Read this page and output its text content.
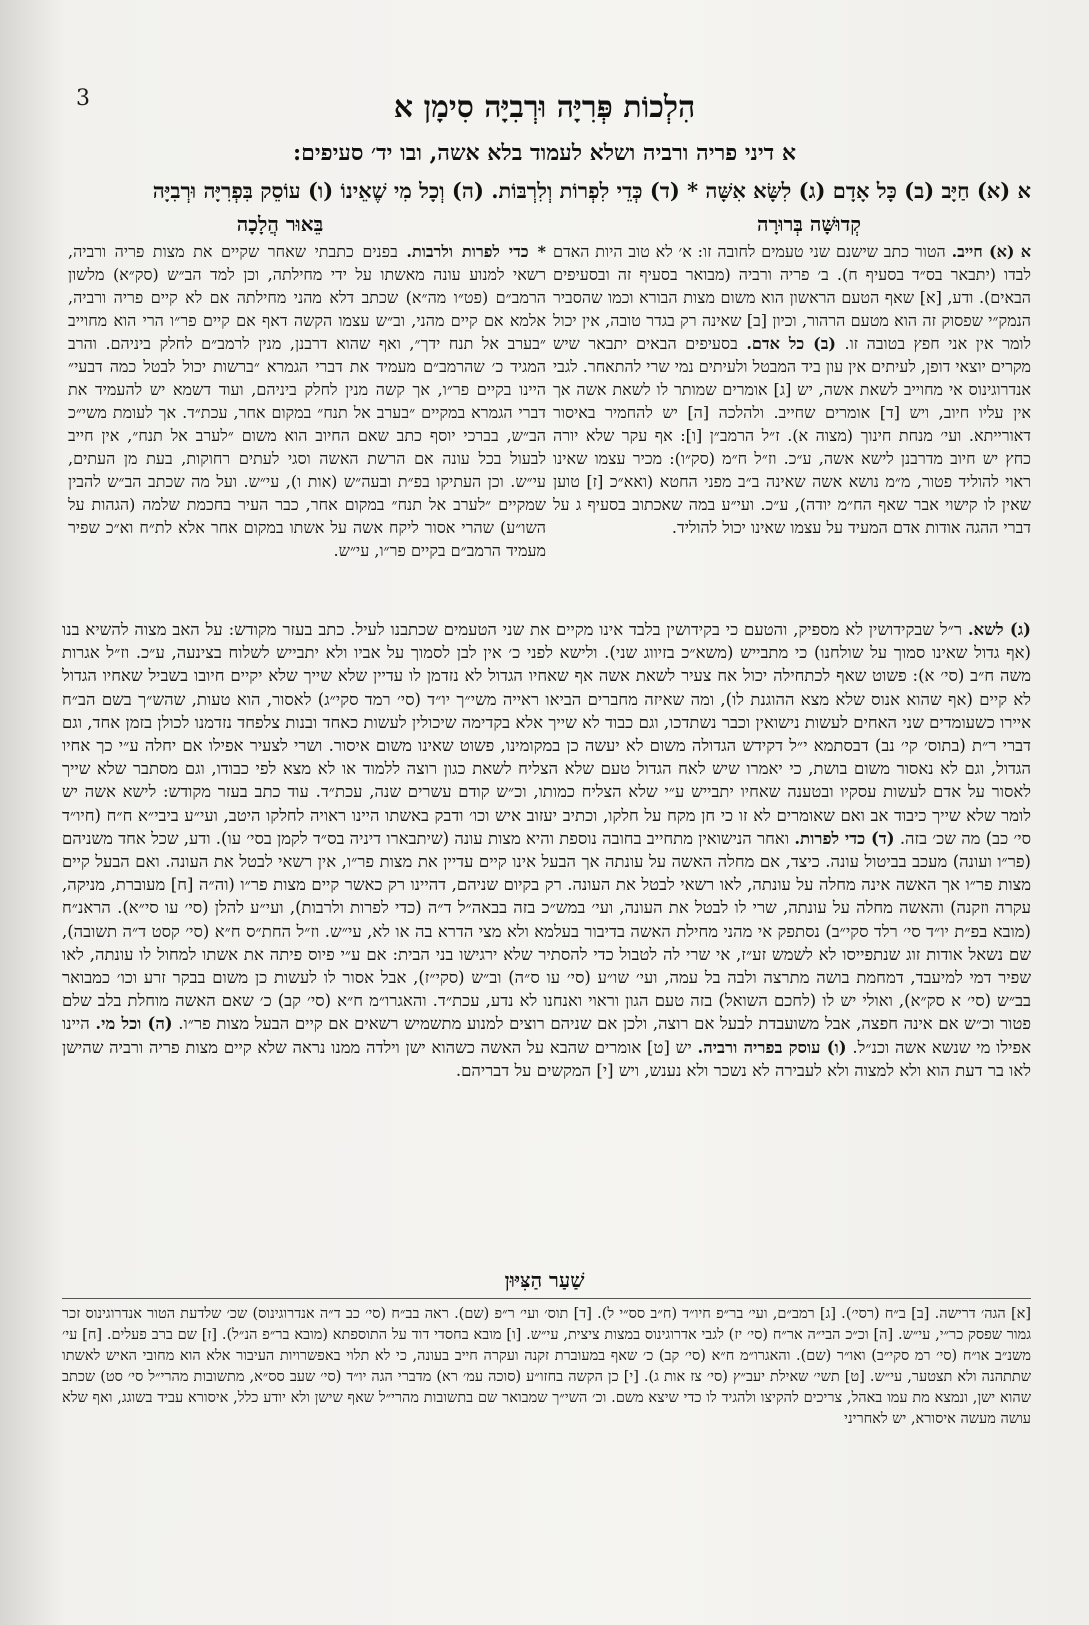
3	הִלְכוֹת פְּרִיָּה וּרְבִיָּה סִימָן א
א דיני פריה ורביה ושלא לעמוד בלא אשה, ובו יד׳ סעיפים:
א (א) חַיָּב (ב) כָּל אָדָם (ג) לִשָּׂא אִשָּׁה * (ד) כְּדֵי לִפְרוֹת וְלִרְבּוֹת. (ה) וְכָל מִי שֶׁאֵינוֹ (ו) עוֹסֵק בִּפְרִיָּה וּרְבִיָּה
קְדוּשָּׁה בְּרוּרָה
בֵּאוּר הֲלָכָה

א (א) חייב. הטור כתב שישנם שני טעמים לחובה זו: א׳ לא טוב היות האדם לבדו (יתבאר בס״ד בסעיף ח). ב׳ פריה ורביה (מבואר בסעיף זה ובסעיפים הבאים). ודע, [א] שאף הטעם הראשון הוא משום מצות הבורא וכמו שהסביר הנמק״י שפסוק זה הוא מטעם הרהור, וכיון [ב] שאינה רק בגדר טובה, אין יכול לומר אין אני חפץ בטובה זו. (ב) כל אדם. בסעיפים הבאים יתבאר שיש מקרים יוצאי דופן, לעיתים אין עון ביד המבטל ולעיתים נמי שרי להתאחר. לגבי אנדרוגינוס אי מחוייב לשאת אשה, יש [ג] אומרים שמותר לו לשאת אשה אך אין עליו חיוב, ויש [ד] אומרים שחייב. ולהלכה [ה] יש להחמיר באיסור דאורייתא. ועי׳ מנחת חינוך (מצוה א). ז״ל הרמב״ן [ו]: אף עקר שלא יורה כחץ יש חיוב מדרבנן לישא אשה, ע״כ. וז״ל ח״מ (סק״ו): מכיר עצמו שאינו ראוי להוליד פטור, מ״מ נושא אשה שאינה ב״ב מפני החטא (ואא״כ [ז] טוען שאין לו קישוי אבר שאף הח״מ יודה), ע״כ. ועי״ע במה שאכתוב בסעיף ג על דברי ההגה אודות אדם המעיד על עצמו שאינו יכול להוליד.

* כדי לפרות ולרבות. בפנים כתבתי שאחר שקיים את מצות פריה ורביה, רשאי למנוע עונה מאשתו על ידי מחילתה, וכן למד הב״ש (סק״א) מלשון הרמב״ם (פט״ו מה״א) שכתב דלא מהני מחילתה אם לא קיים פריה ורביה, אלמא אם קיים מהני, וב״ש עצמו הקשה דאף אם קיים פר״ו הרי הוא מחוייב ״בערב אל תנח ידך״, ואף שהוא דרבנן, מנין לרמב״ם לחלק ביניהם. והרב המגיד כ׳ שהרמב״ם מעמיד את דברי הגמרא ״ברשות יכול לבטל כמה דבעי״ היינו בקיים פר״ו, אך קשה מנין לחלק ביניהם, ועוד דשמא יש להעמיד את דברי הגמרא במקיים ״בערב אל תנח״ במקום אחר, עכת״ד. אך לעומת משי״כ הב״ש, בברכי יוסף כתב שאם החיוב הוא משום ״לערב אל תנח״, אין חייב לבעול בכל עונה אם הרשת האשה וסגי לעתים רחוקות, בעת מן העתים, עי״ש. וכן העתיקו בפ״ת ובעה״ש (אות ו), עי״ש. ועל מה שכתב הב״ש להבין שמקיים ״לערב אל תנח״ במקום אחר, כבר העיר בחכמת שלמה (הגהות על השו״ע) שהרי אסור ליקח אשה על אשתו במקום אחר אלא לת״ח וא״כ שפיר מעמיד הרמב״ם בקיים פר״ו, עי״ש.

(ג) לשא. ר״ל שבקידושין לא מספיק, והטעם כי בקידושין בלבד אינו מקיים את שני הטעמים שכתבנו לעיל. כתב בעזר מקודש: על האב מצוה להשיא בנו (אף גדול שאינו סמוך על שולחנו) כי מתבייש (משא״כ בזיווג שני). ולישא לפני כ׳ אין לבן לסמוך על אביו ולא יתבייש לשלוח בצינעה, ע״כ. וז״ל אגרות משה ח״ב (סי׳ א): פשוט שאף לכתחילה יכול אח צעיר לשאת אשה אף שאחיו הגדול לא נזדמן לו עדיין שלא שייך שלא יקיים חיובו בשביל שאחיו הגדול לא קיים (אף שהוא אנוס שלא מצא ההוגנת לו), ומה שאיזה מחברים הביאו ראייה משי״ך יו״ד (סי׳ רמד סקי״ג) לאסור, הוא טעות, שהש״ך בשם הב״ח איירו כשעומדים שני האחים לעשות נישואין וכבר נשתדכו, וגם כבוד לא שייך אלא בקדימה שיכולין לעשות כאחד ובנות צלפחד נזדמנו לכולן בזמן אחד, וגם דברי ר״ת (בתוס׳ קי׳ נב) דבסתמא י״ל דקידש הגדולה משום לא יעשה כן במקומינו, פשוט שאינו משום איסור. ושרי לצעיר אפילו אם יחלה ע״י כך אחיו הגדול, וגם לא נאסור משום בושת, כי יאמרו שיש לאח הגדול טעם שלא הצליח לשאת כגון רוצה ללמוד או לא מצא לפי כבודו, וגם מסתבר שלא שייך לאסור על אדם לעשות עסקיו ובטענה שאחיו יתבייש ע״י שלא הצליח כמותו, וכ״ש קודם עשרים שנה, עכת״ד. עוד כתב בעזר מקודש: לישא אשה יש לומר שלא שייך כיבוד אב ואם שאומרים לא זו כי חן מקח על חלקו, וכתיב יעזוב איש וכו׳ ודבק באשתו היינו ראויה לחלקו היטב, ועי״ע ביבי״א ח״ח (חיו״ד סי׳ כב) מה שכ׳ בזה. (ד) כדי לפרות. ואחר הנישואין מתחייב בחובה נוספת והיא מצות עונה (שיתבארו דיניה בס״ד לקמן בסי׳ עו). ודע, שכל אחד משניהם (פר״ו ועונה) מעכב בביטול עונה. כיצד, אם מחלה האשה על עונתה אך הבעל אינו קיים עדיין את מצות פר״ו, אין רשאי לבטל את העונה. ואם הבעל קיים מצות פר״ו אך האשה אינה מחלה על עונתה, לאו רשאי לבטל את העונה. רק בקיום שניהם, דהיינו רק כאשר קיים מצות פר״ו (וה״ה [ח] מעוברת, מניקה, עקרה וזקנה) והאשה מחלה על עונתה, שרי לו לבטל את העונה, ועי׳ במש״כ בזה בבאה״ל ד״ה (כדי לפרות ולרבות), ועי״ע להלן (סי׳ עו סי״א). הראנ״ח (מובא בפ״ת יו״ד סי׳ רלד סקי״ב) נסתפק אי מהני מחילת האשה בדיבור בעלמא ולא מצי הדרא בה או לא, עי״ש. וז״ל החת״ס ח״א (סי׳ קסט ד״ה תשובה), שם נשאל אודות זוג שנתפייסו לא לשמש זע״ז, אי שרי לה לטבול כדי להסתיר שלא ירגישו בני הבית: אם ע״י פיוס פיתה את אשתו למחול לו עונתה, לאו שפיר דמי למיעבד, דמחמת בושה מתרצה ולבה בל עמה, ועי׳ שו״ע (סי׳ עו ס״ה) וב״ש (סקי״ז), אבל אסור לו לעשות כן משום בבקר זרע וכו׳ כמבואר בב״ש (סי׳ א סק״א), ואולי יש לו (לחכם השואל) בזה טעם הגון וראוי ואנחנו לא נדע, עכת״ד. והאגרו״מ ח״א (סי׳ קב) כ׳ שאם האשה מוחלת בלב שלם פטור וכ״ש אם אינה חפצה, אבל משועבדת לבעל אם רוצה, ולכן אם שניהם רוצים למנוע מתשמיש רשאים אם קיים הבעל מצות פר״ו. (ה) וכל מי. היינו אפילו מי שנשא אשה וכנ״ל. (ו) עוסק בפריה ורביה. יש [ט] אומרים שהבא על האשה כשהוא ישן וילדה ממנו נראה שלא קיים מצות פריה ורביה שהישן לאו בר דעת הוא ולא למצוה ולא לעבירה לא נשכר ולא נענש, ויש [י] המקשים על דבריהם.
שַׁעַר הַצִּיּוּן
[א] הגה׳ דרישה. [ב] ב״ח (רסי׳). [ג] רמב״ם, ועי׳ בר״פ חיו״ד (ח״ב סס״י ל). [ד] תוס׳ ועי׳ ר״פ (שם). ראה בב״ח (סי׳ כב ד״ה אנדרוגינוס) שכ׳ שלדעת הטור אנדרוגינוס זכר גמור שפסק כר״י, עי״ש. [ה] וכ״כ הבי״ה אר״ח (סי׳ יז) לגבי אדרוגינוס במצות ציצית, עי״ש. [ו] מובא בחסדי דוד על התוספתא (מובא בר״פ הנ״ל). [ז] שם ברב פעלים. [ח] עי׳ משנ״ב או״ח (סי׳ רמ סקי״ב) ואו״ר (שם). והאגרו״מ ח״א (סי׳ קב) כ׳ שאף במעוברת זקנה ועקרה חייב בעונה, כי לא תלוי באפשרויות העיבור אלא הוא מחובי האיש לאשתו שתתהנה ולא תצטער, עי״ש. [ט] תשי׳ שאילת יעב״ץ (סי׳ צז אות ג). [י] כן הקשה בחזו״ע (סוכה עמ׳ רא) מדברי הגה יו״ד (סי׳ שעב סס״א, מתשובות מהרי״ל סי׳ סט) שכתב שהוא ישן, ונמצא מת עמו באהל, צריכים להקיצו ולהגיד לו כדי שיצא משם. וכ׳ השי״ך שמבואר שם בתשובות מהרי״ל שאף שישן ולא יודע כלל, איסורא עביד בשוגג, ואף שלא עושה מעשה איסורא, יש לאחריני
